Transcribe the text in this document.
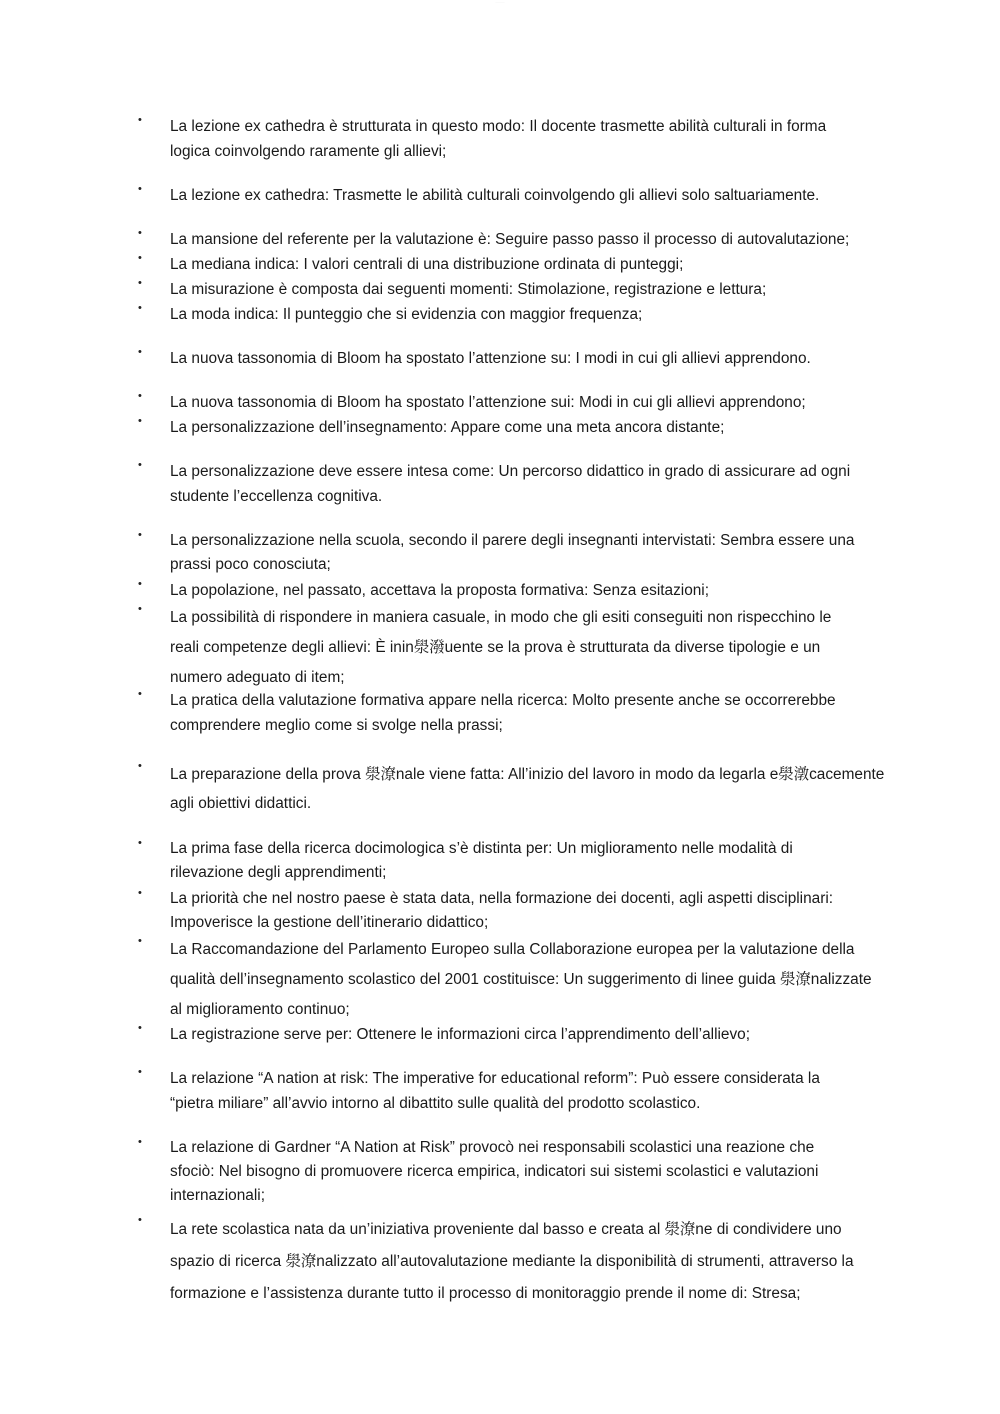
·········
• La lezione ex cathedra è strutturata in questo modo: Il docente trasmette abilità culturali in forma
logica coinvolgendo raramente gli allievi;

• La lezione ex cathedra: Trasmette le abilità culturali coinvolgendo gli allievi solo saltuariamente.

• La mansione del referente per la valutazione è: Seguire passo passo il processo di autovalutazione;

• La mediana indica: I valori centrali di una distribuzione ordinata di punteggi;

• La misurazione è composta dai seguenti momenti: Stimolazione, registrazione e lettura;

• La moda indica: Il punteggio che si evidenzia con maggior frequenza;

• La nuova tassonomia di Bloom ha spostato l’attenzione su: I modi in cui gli allievi apprendono.

• La nuova tassonomia di Bloom ha spostato l’attenzione sui: Modi in cui gli allievi apprendono;

• La personalizzazione dell’insegnamento: Appare come una meta ancora distante;

• La personalizzazione deve essere intesa come: Un percorso didattico in grado di assicurare ad ogni
studente l’eccellenza cognitiva.

• La personalizzazione nella scuola, secondo il parere degli insegnanti intervistati: Sembra essere una
prassi poco conosciuta;

• La popolazione, nel passato, accettava la proposta formativa: Senza esitazioni;

• La possibilità di rispondere in maniera casuale, in modo che gli esiti conseguiti non rispecchino le
reali competenze degli allievi: È inin澩潑uente se la prova è strutturata da diverse tipologie e un
numero adeguato di item;

• La pratica della valutazione formativa appare nella ricerca: Molto presente anche se occorrerebbe
comprendere meglio come si svolge nella prassi;

• La preparazione della prova 澩潦nale viene fatta: All’inizio del lavoro in modo da legarla e澩潡cacemente
agli obiettivi didattici.

• La prima fase della ricerca docimologica s’è distinta per: Un miglioramento nelle modalità di
rilevazione degli apprendimenti;

• La priorità che nel nostro paese è stata data, nella formazione dei docenti, agli aspetti disciplinari:
Impoverisce la gestione dell’itinerario didattico;

• La Raccomandazione del Parlamento Europeo sulla Collaborazione europea per la valutazione della
qualità dell’insegnamento scolastico del 2001 costituisce: Un suggerimento di linee guida 澩潦nalizzate
al miglioramento continuo;

• La registrazione serve per: Ottenere le informazioni circa l’apprendimento dell’allievo;

• La relazione “A nation at risk: The imperative for educational reform”: Può essere considerata la
“pietra miliare” all’avvio intorno al dibattito sulle qualità del prodotto scolastico.

• La relazione di Gardner “A Nation at Risk” provocò nei responsabili scolastici una reazione che
sfociò: Nel bisogno di promuovere ricerca empirica, indicatori sui sistemi scolastici e valutazioni
internazionali;

•

La rete scolastica nata da un’iniziativa proveniente dal basso e creata al 澩潦ne di condividere uno
spazio di ricerca 澩潦nalizzato all’autovalutazione mediante la disponibilità di strumenti, attraverso la
formazione e l’assistenza durante tutto il processo di monitoraggio prende il nome di: Stresa;
